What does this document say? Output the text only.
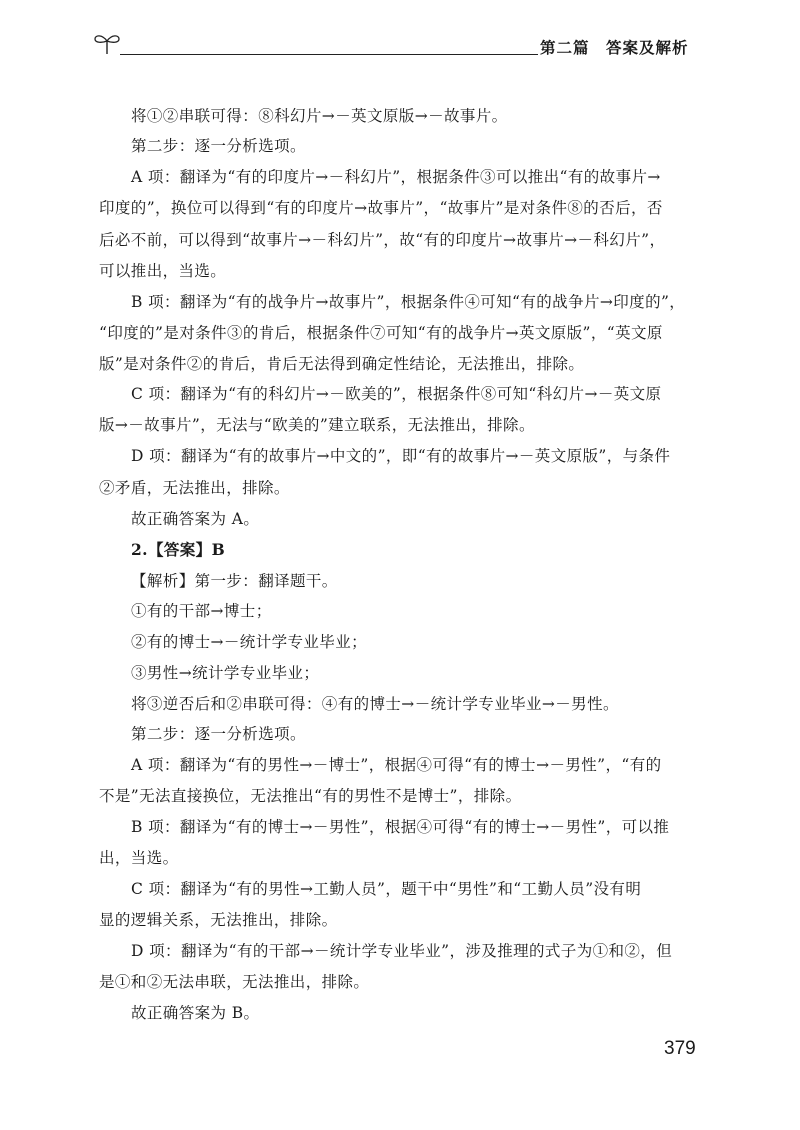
第二篇　答案及解析
将①②串联可得：⑧科幻片→－英文原版→－故事片。
第二步：逐一分析选项。
A 项：翻译为“有的印度片→－科幻片”，根据条件③可以推出“有的故事片→
印度的”，换位可以得到“有的印度片→故事片”，“故事片”是对条件⑧的否后，否
后必不前，可以得到“故事片→－科幻片”，故“有的印度片→故事片→－科幻片”，
可以推出，当选。
B 项：翻译为“有的战争片→故事片”，根据条件④可知“有的战争片→印度的”，
“印度的”是对条件③的肯后，根据条件⑦可知“有的战争片→英文原版”，“英文原
版”是对条件②的肯后，肯后无法得到确定性结论，无法推出，排除。
C 项：翻译为“有的科幻片→－欧美的”，根据条件⑧可知“科幻片→－英文原
版→－故事片”，无法与“欧美的”建立联系，无法推出，排除。
D 项：翻译为“有的故事片→中文的”，即“有的故事片→－英文原版”，与条件
②矛盾，无法推出，排除。
故正确答案为 A。
2.【答案】B
【解析】第一步：翻译题干。
①有的干部→博士；
②有的博士→－统计学专业毕业；
③男性→统计学专业毕业；
将③逆否后和②串联可得：④有的博士→－统计学专业毕业→－男性。
第二步：逐一分析选项。
A 项：翻译为“有的男性→－博士”，根据④可得“有的博士→－男性”，“有的
不是”无法直接换位，无法推出“有的男性不是博士”，排除。
B 项：翻译为“有的博士→－男性”，根据④可得“有的博士→－男性”，可以推
出，当选。
C 项：翻译为“有的男性→工勤人员”，题干中“男性”和“工勤人员”没有明
显的逻辑关系，无法推出，排除。
D 项：翻译为“有的干部→－统计学专业毕业”，涉及推理的式子为①和②，但
是①和②无法串联，无法推出，排除。
故正确答案为 B。
379
